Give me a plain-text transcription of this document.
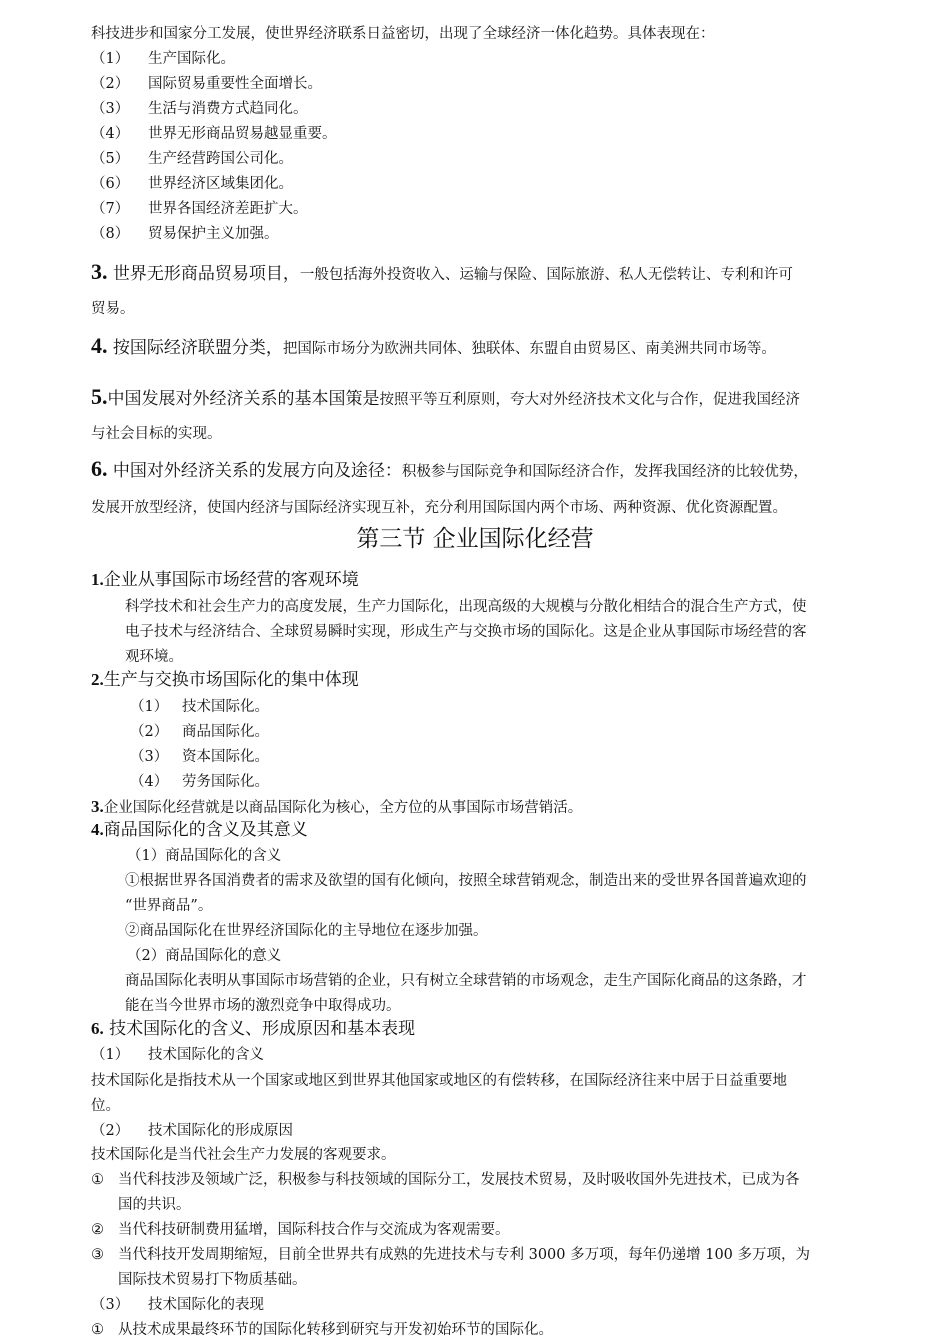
科技进步和国家分工发展，使世界经济联系日益密切，出现了全球经济一体化趋势。具体表现在：
（1） 生产国际化。
（2） 国际贸易重要性全面增长。
（3） 生活与消费方式趋同化。
（4） 世界无形商品贸易越显重要。
（5） 生产经营跨国公司化。
（6） 世界经济区域集团化。
（7） 世界各国经济差距扩大。
（8） 贸易保护主义加强。
3. 世界无形商品贸易项目，一般包括海外投资收入、运输与保险、国际旅游、私人无偿转让、专利和许可
贸易。
4. 按国际经济联盟分类，把国际市场分为欧洲共同体、独联体、东盟自由贸易区、南美洲共同市场等。
5.中国发展对外经济关系的基本国策是按照平等互利原则，夸大对外经济技术文化与合作，促进我国经济
与社会目标的实现。
6. 中国对外经济关系的发展方向及途径：积极参与国际竞争和国际经济合作，发挥我国经济的比较优势，
发展开放型经济，使国内经济与国际经济实现互补，充分利用国际国内两个市场、两种资源、优化资源配置。
第三节 企业国际化经营
1.企业从事国际市场经营的客观环境
科学技术和社会生产力的高度发展，生产力国际化，出现高级的大规模与分散化相结合的混合生产方式，使
电子技术与经济结合、全球贸易瞬时实现，形成生产与交换市场的国际化。这是企业从事国际市场经营的客
观环境。
2.生产与交换市场国际化的集中体现
（1） 技术国际化。
（2） 商品国际化。
（3） 资本国际化。
（4） 劳务国际化。
3.企业国际化经营就是以商品国际化为核心，全方位的从事国际市场营销活。
4.商品国际化的含义及其意义
（1）商品国际化的含义
①根据世界各国消费者的需求及欲望的国有化倾向，按照全球营销观念，制造出来的受世界各国普遍欢迎的
“世界商品”。
②商品国际化在世界经济国际化的主导地位在逐步加强。
（2）商品国际化的意义
商品国际化表明从事国际市场营销的企业，只有树立全球营销的市场观念，走生产国际化商品的这条路，才
能在当今世界市场的激烈竞争中取得成功。
6. 技术国际化的含义、形成原因和基本表现
（1） 技术国际化的含义
技术国际化是指技术从一个国家或地区到世界其他国家或地区的有偿转移，在国际经济往来中居于日益重要地
位。
（2） 技术国际化的形成原因
技术国际化是当代社会生产力发展的客观要求。
① 当代科技涉及领域广泛，积极参与科技领域的国际分工，发展技术贸易，及时吸收国外先进技术，已成为各
国的共识。
② 当代科技研制费用猛增，国际科技合作与交流成为客观需要。
③ 当代科技开发周期缩短，目前全世界共有成熟的先进技术与专利 3000 多万项，每年仍递增 100 多万项，为
国际技术贸易打下物质基础。
（3） 技术国际化的表现
① 从技术成果最终环节的国际化转移到研究与开发初始环节的国际化。
